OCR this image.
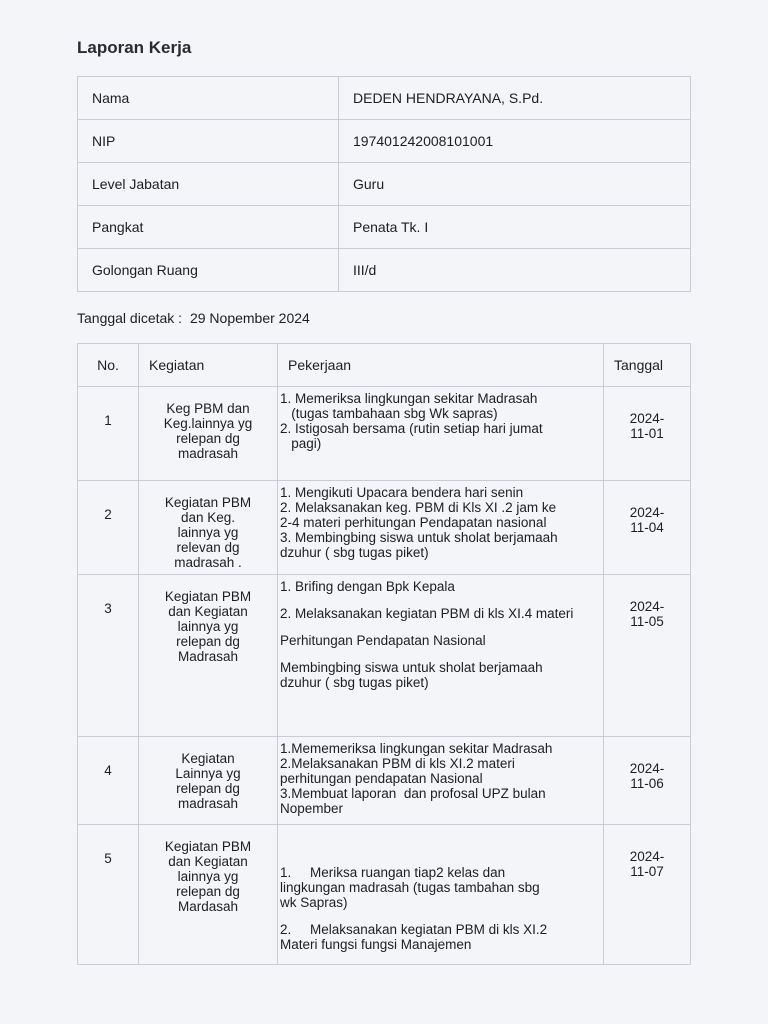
Laporan Kerja
Nama	DEDEN HENDRAYANA, S.Pd.
NIP	197401242008101001
Level Jabatan	Guru
Pangkat	Penata Tk. I
Golongan Ruang	III/d
Tanggal dicetak : 29 Nopember 2024
No.	Kegiatan	Pekerjaan	Tanggal
1	Keg PBM dan
Keg.lainnya yg
relepan dg
madrasah	1. Memeriksa lingkungan sekitar Madrasah
(tugas tambahaan sbg Wk sapras)
2. Istigosah bersama (rutin setiap hari jumat
pagi)	2024-
11-01

2	Kegiatan PBM
dan Keg.
lainnya yg
relevan dg
madrasah .	1. Mengikuti Upacara bendera hari senin
2. Melaksanakan keg. PBM di Kls XI .2 jam ke
2-4 materi perhitungan Pendapatan nasional
3. Membingbing siswa untuk sholat berjamaah
dzuhur ( sbg tugas piket)	2024-
11-04

3	Kegiatan PBM
dan Kegiatan
lainnya yg
relepan dg
Madrasah	1. Brifing dengan Bpk Kepala
2. Melaksanakan kegiatan PBM di kls XI.4 materi
Perhitungan Pendapatan Nasional
Membingbing siswa untuk sholat berjamaah
dzuhur ( sbg tugas piket)	2024-
11-05

4	Kegiatan
Lainnya yg
relepan dg
madrasah	1.Mememeriksa lingkungan sekitar Madrasah
2.Melaksanakan PBM di kls XI.2 materi
perhitungan pendapatan Nasional
3.Membuat laporan  dan profosal UPZ bulan
Nopember	2024-
11-06

5	Kegiatan PBM
dan Kegiatan
lainnya yg
relepan dg
Mardasah	1.     Meriksa ruangan tiap2 kelas dan
lingkungan madrasah (tugas tambahan sbg
wk Sapras)
2.     Melaksanakan kegiatan PBM di kls XI.2
Materi fungsi fungsi Manajemen	2024-
11-07
